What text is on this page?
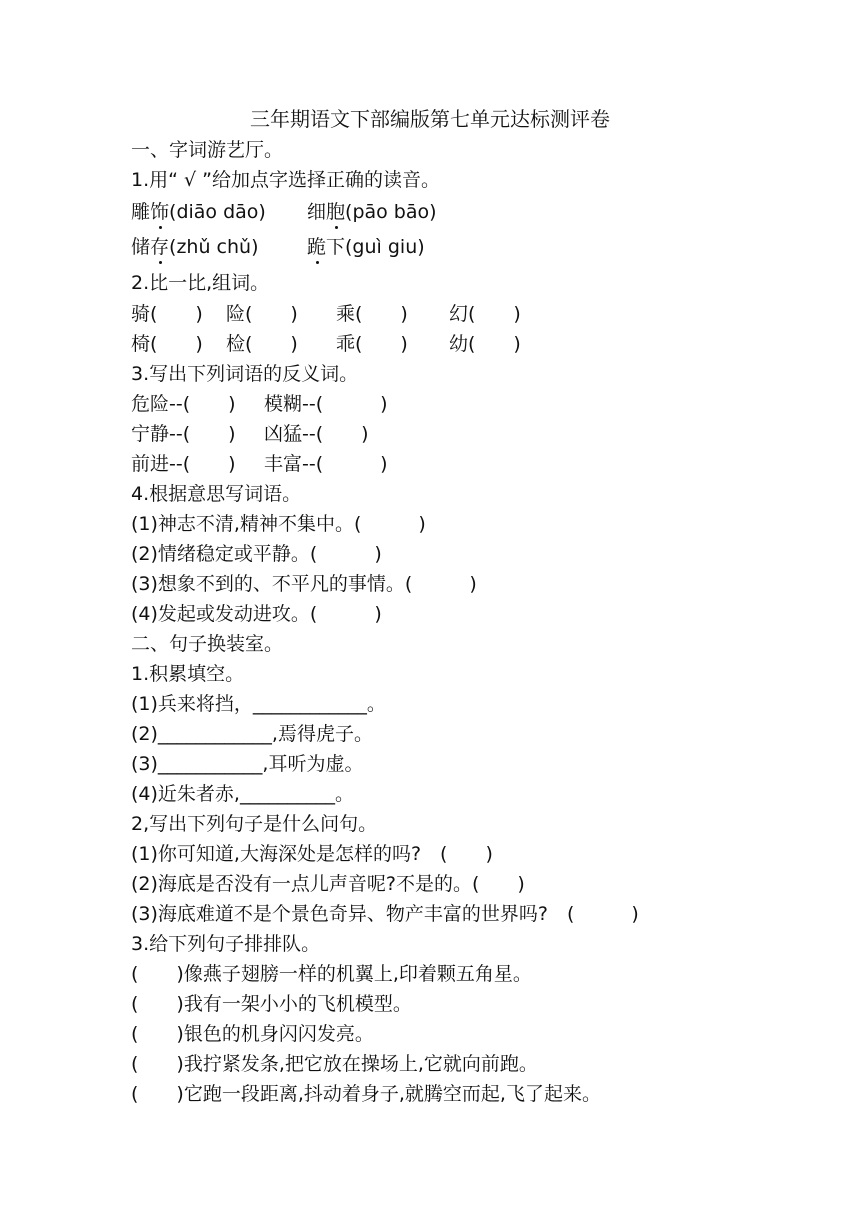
三年期语文下部编版第七单元达标测评卷
一、字词游艺厅。
1.用“ √ ”给加点字选择正确的读音。
雕饰(diāo dāo) 细胞(pāo bāo)
储存(zhǔ chǔ)	跪下(guì giu)
2.比一比,组词。
骑(　　) 险(　　) 乘(　　) 幻(　　)
椅(　　) 检(　　) 乖(　　) 幼(　　)
3.写出下列词语的反义词。
危险--(　　) 模糊--(　　　)
宁静--(　　) 凶猛--(　　)
前进--(　　) 丰富--(　　　)
4.根据意思写词语。
(1)神志不清,精神不集中。(　　　)
(2)情绪稳定或平静。(　　　)
(3)想象不到的、不平凡的事情。(　　　)
(4)发起或发动进攻。(　　　)
二、句子换装室。
1.积累填空。
(1)兵来将挡，____________。
(2)____________,焉得虎子。
(3)___________,耳听为虚。
(4)近朱者赤,__________。
2,写出下列句子是什么问句。
(1)你可知道,大海深处是怎样的吗?　(　　)
(2)海底是否没有一点儿声音呢?不是的。(　　)
(3)海底难道不是个景色奇异、物产丰富的世界吗?　(　　　)
3.给下列句子排排队。
(　　)像燕子翅膀一样的机翼上,印着颗五角星。
(　　)我有一架小小的飞机模型。
(　　)银色的机身闪闪发亮。
(　　)我拧紧发条,把它放在操场上,它就向前跑。
(　　)它跑一段距离,抖动着身子,就腾空而起,飞了起来。
